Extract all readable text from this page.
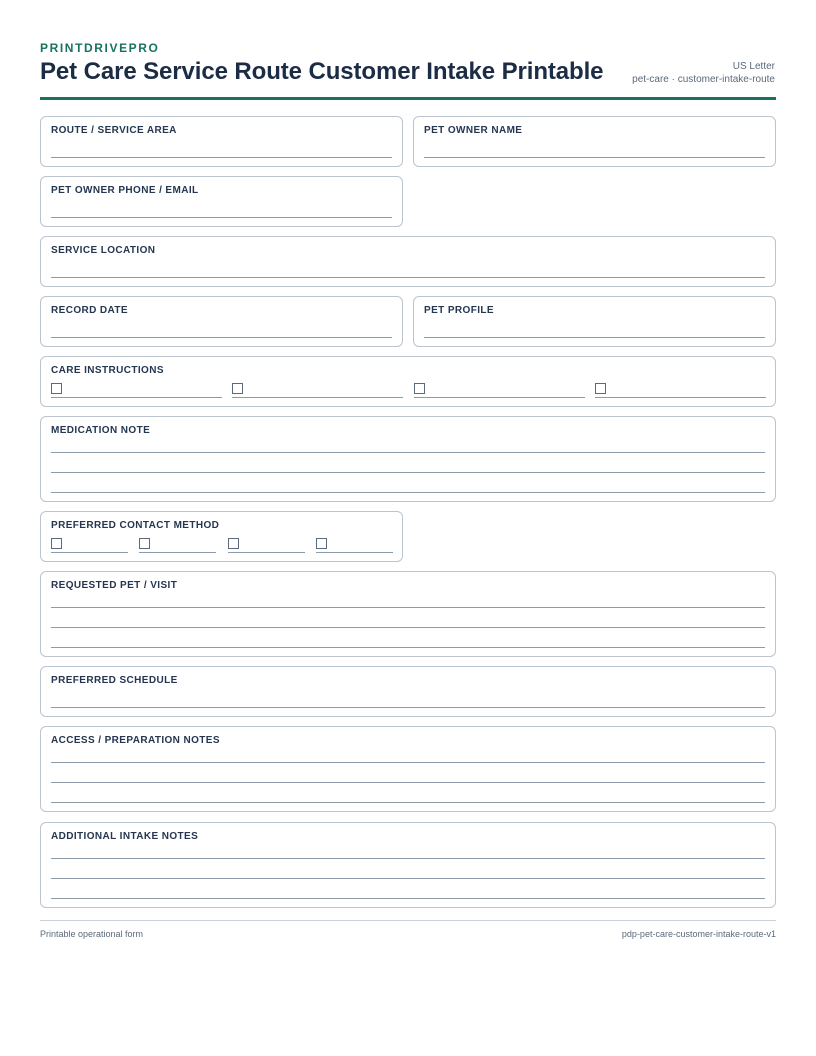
PRINTDRIVEPRO
Pet Care Service Route Customer Intake Printable	US Letter
pet-care · customer-intake-route
ROUTE / SERVICE AREA	PET OWNER NAME
PET OWNER PHONE / EMAIL
SERVICE LOCATION
RECORD DATE	PET PROFILE
CARE INSTRUCTIONS
MEDICATION NOTE
PREFERRED CONTACT METHOD
REQUESTED PET / VISIT
PREFERRED SCHEDULE
ACCESS / PREPARATION NOTES
ADDITIONAL INTAKE NOTES
Printable operational form	pdp-pet-care-customer-intake-route-v1
